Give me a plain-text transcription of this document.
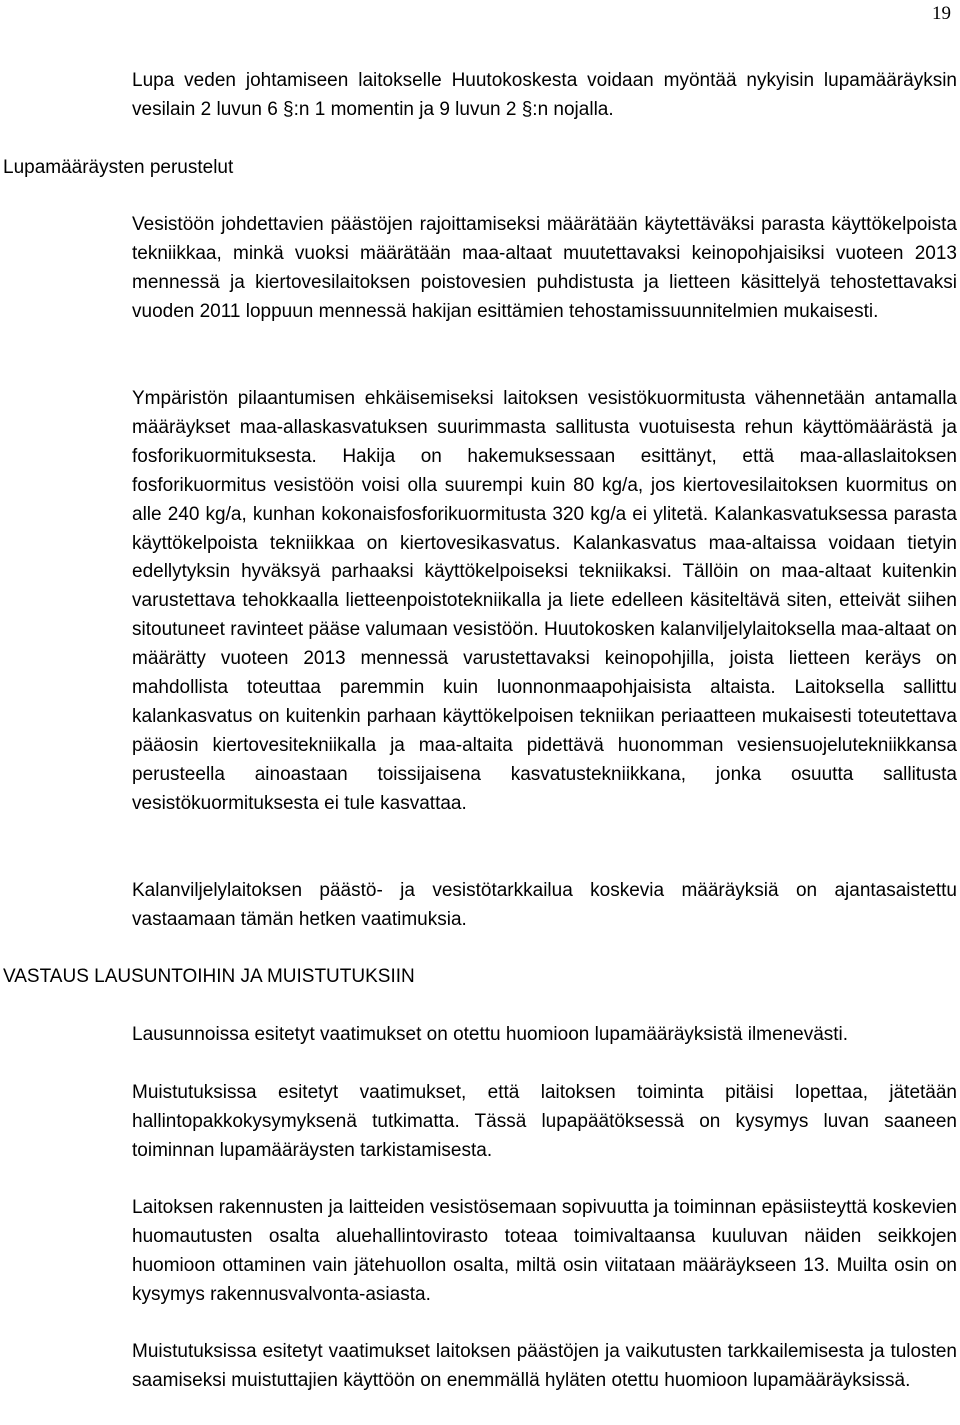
19

Lupa veden johtamiseen laitokselle Huutokoskesta voidaan myöntää nykyisin lupamääräyksin vesilain 2 luvun 6 §:n 1 momentin ja 9 luvun 2 §:n nojalla.

Lupamääräysten perustelut

Vesistöön johdettavien päästöjen rajoittamiseksi määrätään käytettäväksi parasta käyttökelpoista tekniikkaa, minkä vuoksi määrätään maa-altaat muutettavaksi keinopohjaisiksi vuoteen 2013 mennessä ja kiertovesilaitoksen poistovesien puhdistusta ja lietteen käsittelyä tehostettavaksi vuoden 2011 loppuun mennessä hakijan esittämien tehostamissuunnitelmien mukaisesti.

Ympäristön pilaantumisen ehkäisemiseksi laitoksen vesistökuormitusta vähennetään antamalla määräykset maa-allaskasvatuksen suurimmasta sallitusta vuotuisesta rehun käyttömäärästä ja fosforikuormituksesta. Hakija on hakemuksessaan esittänyt, että maa-allaslaitoksen fosforikuormitus vesistöön voisi olla suurempi kuin 80 kg/a, jos kiertovesilaitoksen kuormitus on alle 240 kg/a, kunhan kokonaisfosforikuormitusta 320 kg/a ei ylitetä. Kalankasvatuksessa parasta käyttökelpoista tekniikkaa on kiertovesikasvatus. Kalankasvatus maa-altaissa voidaan tietyin edellytyksin hyväksyä parhaaksi käyttökelpoiseksi tekniikaksi. Tällöin on maa-altaat kuitenkin varustettava tehokkaalla lietteenpoistotekniikalla ja liete edelleen käsiteltävä siten, etteivät siihen sitoutuneet ravinteet pääse valumaan vesistöön. Huutokosken kalanviljelylaitoksella maa-altaat on määrätty vuoteen 2013 mennessä varustettavaksi keinopohjilla, joista lietteen keräys on mahdollista toteuttaa paremmin kuin luonnonmaapohjaisista altaista. Laitoksella sallittu kalankasvatus on kuitenkin parhaan käyttökelpoisen tekniikan periaatteen mukaisesti toteutettava pääosin kiertovesitekniikalla ja maa-altaita pidettävä huonomman vesiensuojelutekniikkansa perusteella ainoastaan toissijaisena kasvatustekniikkana, jonka osuutta sallitusta vesistökuormituksesta ei tule kasvattaa.

Kalanviljelylaitoksen päästö- ja vesistötarkkailua koskevia määräyksiä on ajantasaistettu vastaamaan tämän hetken vaatimuksia.

VASTAUS LAUSUNTOIHIN JA MUISTUTUKSIIN

Lausunnoissa esitetyt vaatimukset on otettu huomioon lupamääräyksistä ilmenevästi.

Muistutuksissa esitetyt vaatimukset, että laitoksen toiminta pitäisi lopettaa, jätetään hallintopakkokysymyksenä tutkimatta. Tässä lupapäätöksessä on kysymys luvan saaneen toiminnan lupamääräysten tarkistamisesta.

Laitoksen rakennusten ja laitteiden vesistösemaan sopivuutta ja toiminnan epäsiisteyttä koskevien huomautusten osalta aluehallintovirasto toteaa toimivaltaansa kuuluvan näiden seikkojen huomioon ottaminen vain jätehuollon osalta, miltä osin viitataan määräykseen 13. Muilta osin on kysymys rakennusvalvonta-asiasta.

Muistutuksissa esitetyt vaatimukset laitoksen päästöjen ja vaikutusten tarkkailemisesta ja tulosten saamiseksi muistuttajien käyttöön on enemmällä hyläten otettu huomioon lupamääräyksissä.
